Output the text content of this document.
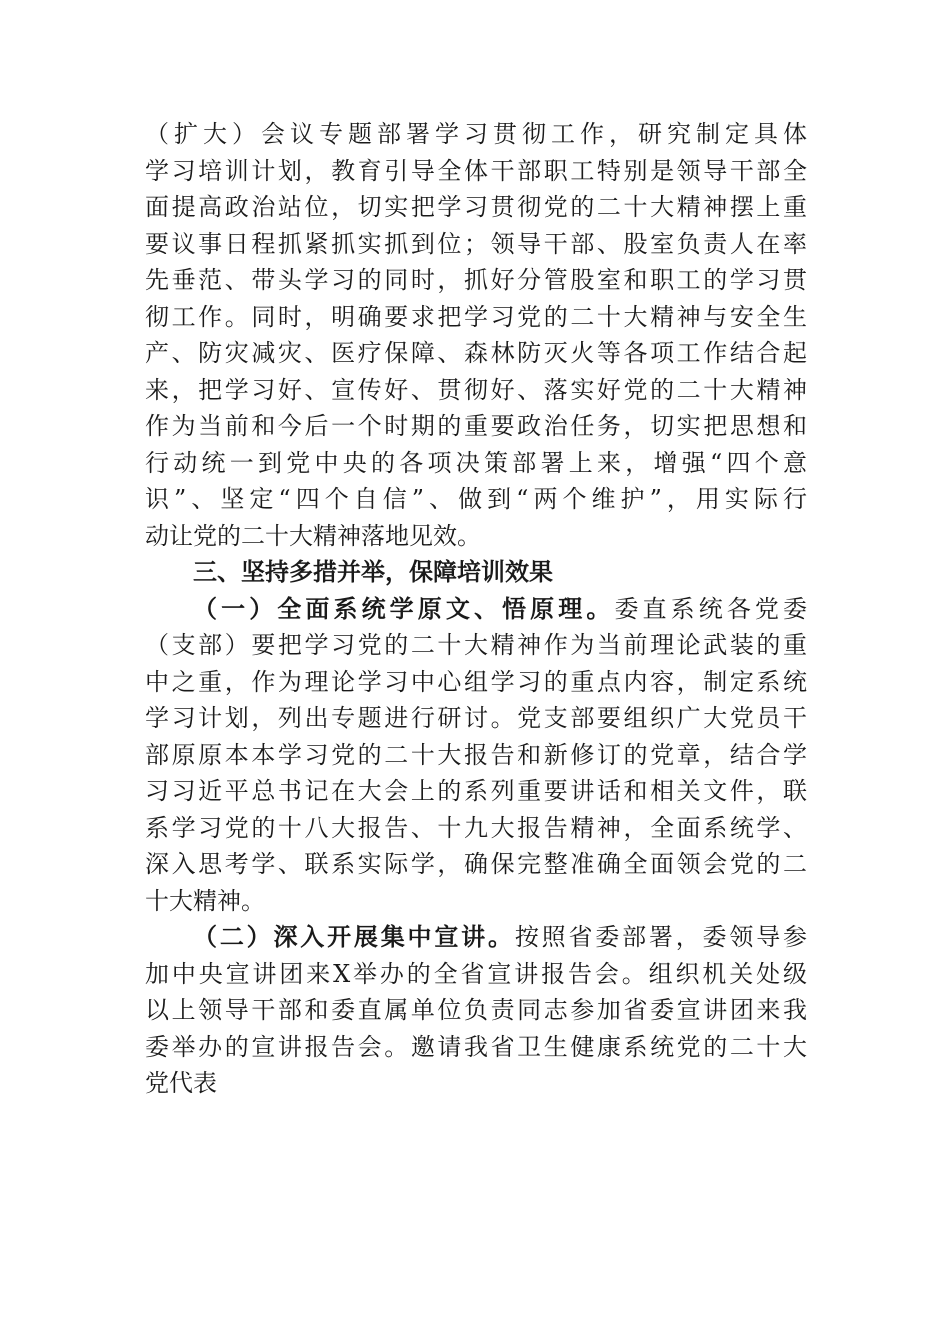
（扩大）会议专题部署学习贯彻工作，研究制定具体
学习培训计划，教育引导全体干部职工特别是领导干部全
面提高政治站位，切实把学习贯彻党的二十大精神摆上重
要议事日程抓紧抓实抓到位；领导干部、股室负责人在率
先垂范、带头学习的同时，抓好分管股室和职工的学习贯
彻工作。同时，明确要求把学习党的二十大精神与安全生
产、防灾减灾、医疗保障、森林防灭火等各项工作结合起
来，把学习好、宣传好、贯彻好、落实好党的二十大精神
作为当前和今后一个时期的重要政治任务，切实把思想和
行动统一到党中央的各项决策部署上来，增强“四个意
识”、坚定“四个自信”、做到“两个维护”，用实际行
动让党的二十大精神落地见效。
三、坚持多措并举，保障培训效果
（一）全面系统学原文、悟原理。委直系统各党委
（支部）要把学习党的二十大精神作为当前理论武装的重
中之重，作为理论学习中心组学习的重点内容，制定系统
学习计划，列出专题进行研讨。党支部要组织广大党员干
部原原本本学习党的二十大报告和新修订的党章，结合学
习习近平总书记在大会上的系列重要讲话和相关文件，联
系学习党的十八大报告、十九大报告精神，全面系统学、
深入思考学、联系实际学，确保完整准确全面领会党的二
十大精神。
（二）深入开展集中宣讲。按照省委部署，委领导参
加中央宣讲团来X举办的全省宣讲报告会。组织机关处级
以上领导干部和委直属单位负责同志参加省委宣讲团来我
委举办的宣讲报告会。邀请我省卫生健康系统党的二十大
党代表
